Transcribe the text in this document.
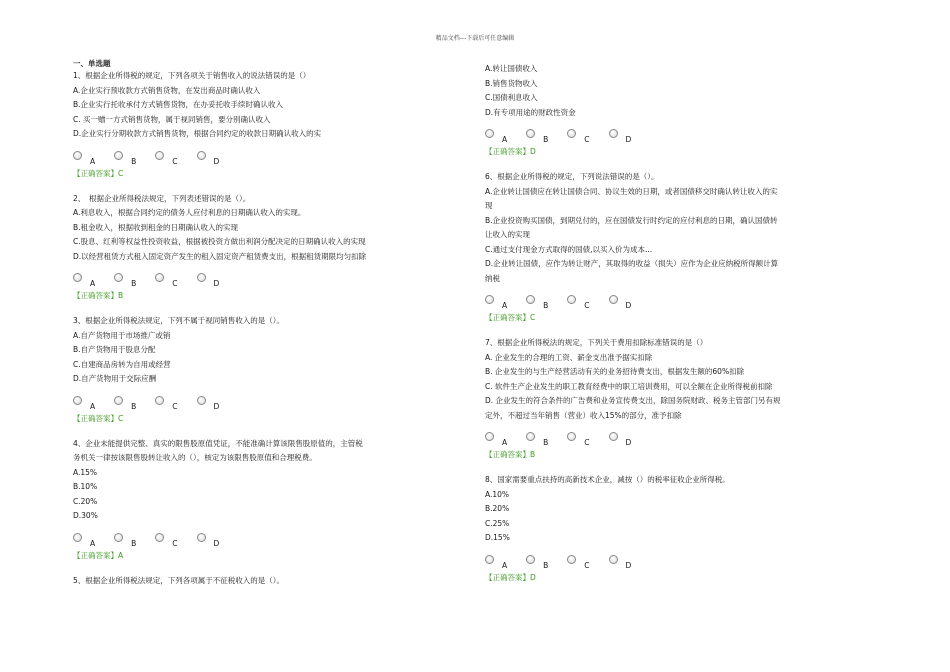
精品文档---下载后可任意编辑
一、单选题
1、根据企业所得税的规定，下列各项关于销售收入的说法错误的是（）
A.企业实行预收款方式销售货物，在发出商品时确认收入
B.企业实行托收承付方式销售货物，在办妥托收手续时确认收入
C. 买一赠一方式销售货物，属于视同销售，要分别确认收入
D.企业实行分期收款方式销售货物，根据合同约定的收款日期确认收入的实
A	B	C	D
【正确答案】C
2、　根据企业所得税法规定，下列表述错误的是（）。
A.利息收入，根据合同约定的债务人应付利息的日期确认收入的实现。
B.租金收入，根据收到租金的日期确认收入的实现
C.股息、红利等权益性投资收益，根据被投资方做出利润分配决定的日期确认收入的实现
D.以经营租赁方式租入固定资产发生的租入固定资产租赁费支出，根据租赁期限均匀扣除
A	B	C	D
【正确答案】B
3、根据企业所得税法规定，下列不属于视同销售收入的是（）。
A.自产货物用于市场推广或销
B.自产货物用于股息分配
C.自建商品房转为自用或经营
D.自产货物用于交际应酬
A	B	C	D
【正确答案】C
4、企业未能提供完整、真实的限售股原值凭证，不能准确计算该限售股原值的，主管税
务机关一律按该限售股转让收入的（），核定为该限售股原值和合理税费。
A.15%
B.10%
C.20%
D.30%
A	B	C	D
【正确答案】A
5、根据企业所得税法规定，下列各项属于不征税收入的是（）。
A.转让国债收入
B.销售货物收入
C.国债利息收入
D.有专项用途的财政性资金
A	B	C	D
【正确答案】D
6、根据企业所得税的规定，下列说法错误的是（）。
A.企业转让国债应在转让国债合同、协议生效的日期，或者国债移交时确认转让收入的实
现
B.企业投资购买国债，到期兑付的，应在国债发行时约定的应付利息的日期，确认国债转
让收入的实现
C.通过支付现金方式取得的国债,以买入价为成本...
D.企业转让国债，应作为转让财产，其取得的收益（损失）应作为企业应纳税所得额计算
纳税
A	B	C	D
【正确答案】C
7、根据企业所得税法的规定，下列关于费用扣除标准错误的是（）
A. 企业发生的合理的工资、薪金支出准予据实扣除
B. 企业发生的与生产经营活动有关的业务招待费支出，根据发生额的60%扣除
C. 软件生产企业发生的职工教育经费中的职工培训费用，可以全额在企业所得税前扣除
D. 企业发生的符合条件的广告费和业务宣传费支出，除国务院财政、税务主管部门另有规
定外，不超过当年销售（营业）收入15%的部分，准予扣除
A	B	C	D
【正确答案】B
8、国家需要重点扶持的高新技术企业，减按（）的税率征收企业所得税。
A.10%
B.20%
C.25%
D.15%
A	B	C	D
【正确答案】D
